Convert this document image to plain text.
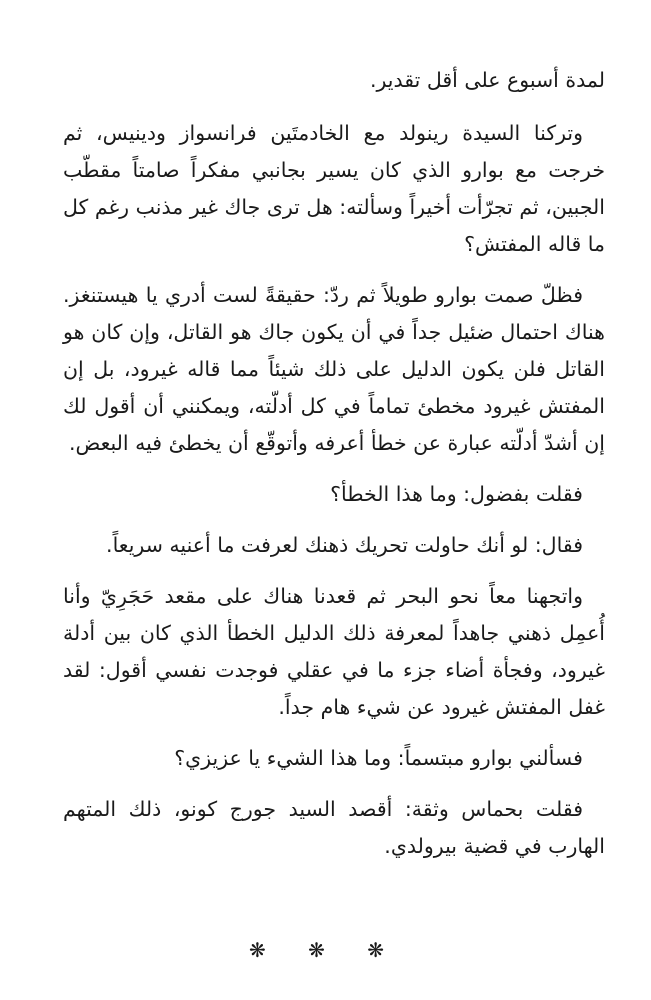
لمدة أسبوع على أقل تقدير.

وتركنا السيدة رينولد مع الخادمتَين فرانسواز ودينيس، ثم خرجت مع بوارو الذي كان يسير بجانبي مفكراً صامتاً مقطّب الجبين، ثم تجرّأت أخيراً وسألته: هل ترى جاك غير مذنب رغم كل ما قاله المفتش؟

فظلّ صمت بوارو طويلاً ثم ردّ: حقيقةً لست أدري يا هيستنغز. هناك احتمال ضئيل جداً في أن يكون جاك هو القاتل، وإن كان هو القاتل فلن يكون الدليل على ذلك شيئاً مما قاله غيرود، بل إن المفتش غيرود مخطئ تماماً في كل أدلّته، ويمكنني أن أقول لك إن أشدّ أدلّته عبارة عن خطأ أعرفه وأتوقّع أن يخطئ فيه البعض.

فقلت بفضول: وما هذا الخطأ؟

فقال: لو أنك حاولت تحريك ذهنك لعرفت ما أعنيه سريعاً.

واتجهنا معاً نحو البحر ثم قعدنا هناك على مقعد حَجَرِيّ وأنا أُعمِل ذهني جاهداً لمعرفة ذلك الدليل الخطأ الذي كان بين أدلة غيرود، وفجأة أضاء جزء ما في عقلي فوجدت نفسي أقول: لقد غفل المفتش غيرود عن شيء هام جداً.

فسألني بوارو مبتسماً: وما هذا الشيء يا عزيزي؟

فقلت بحماس وثقة: أقصد السيد جورج كونو، ذلك المتهم الهارب في قضية بيرولدي.

❋ ❋ ❋
